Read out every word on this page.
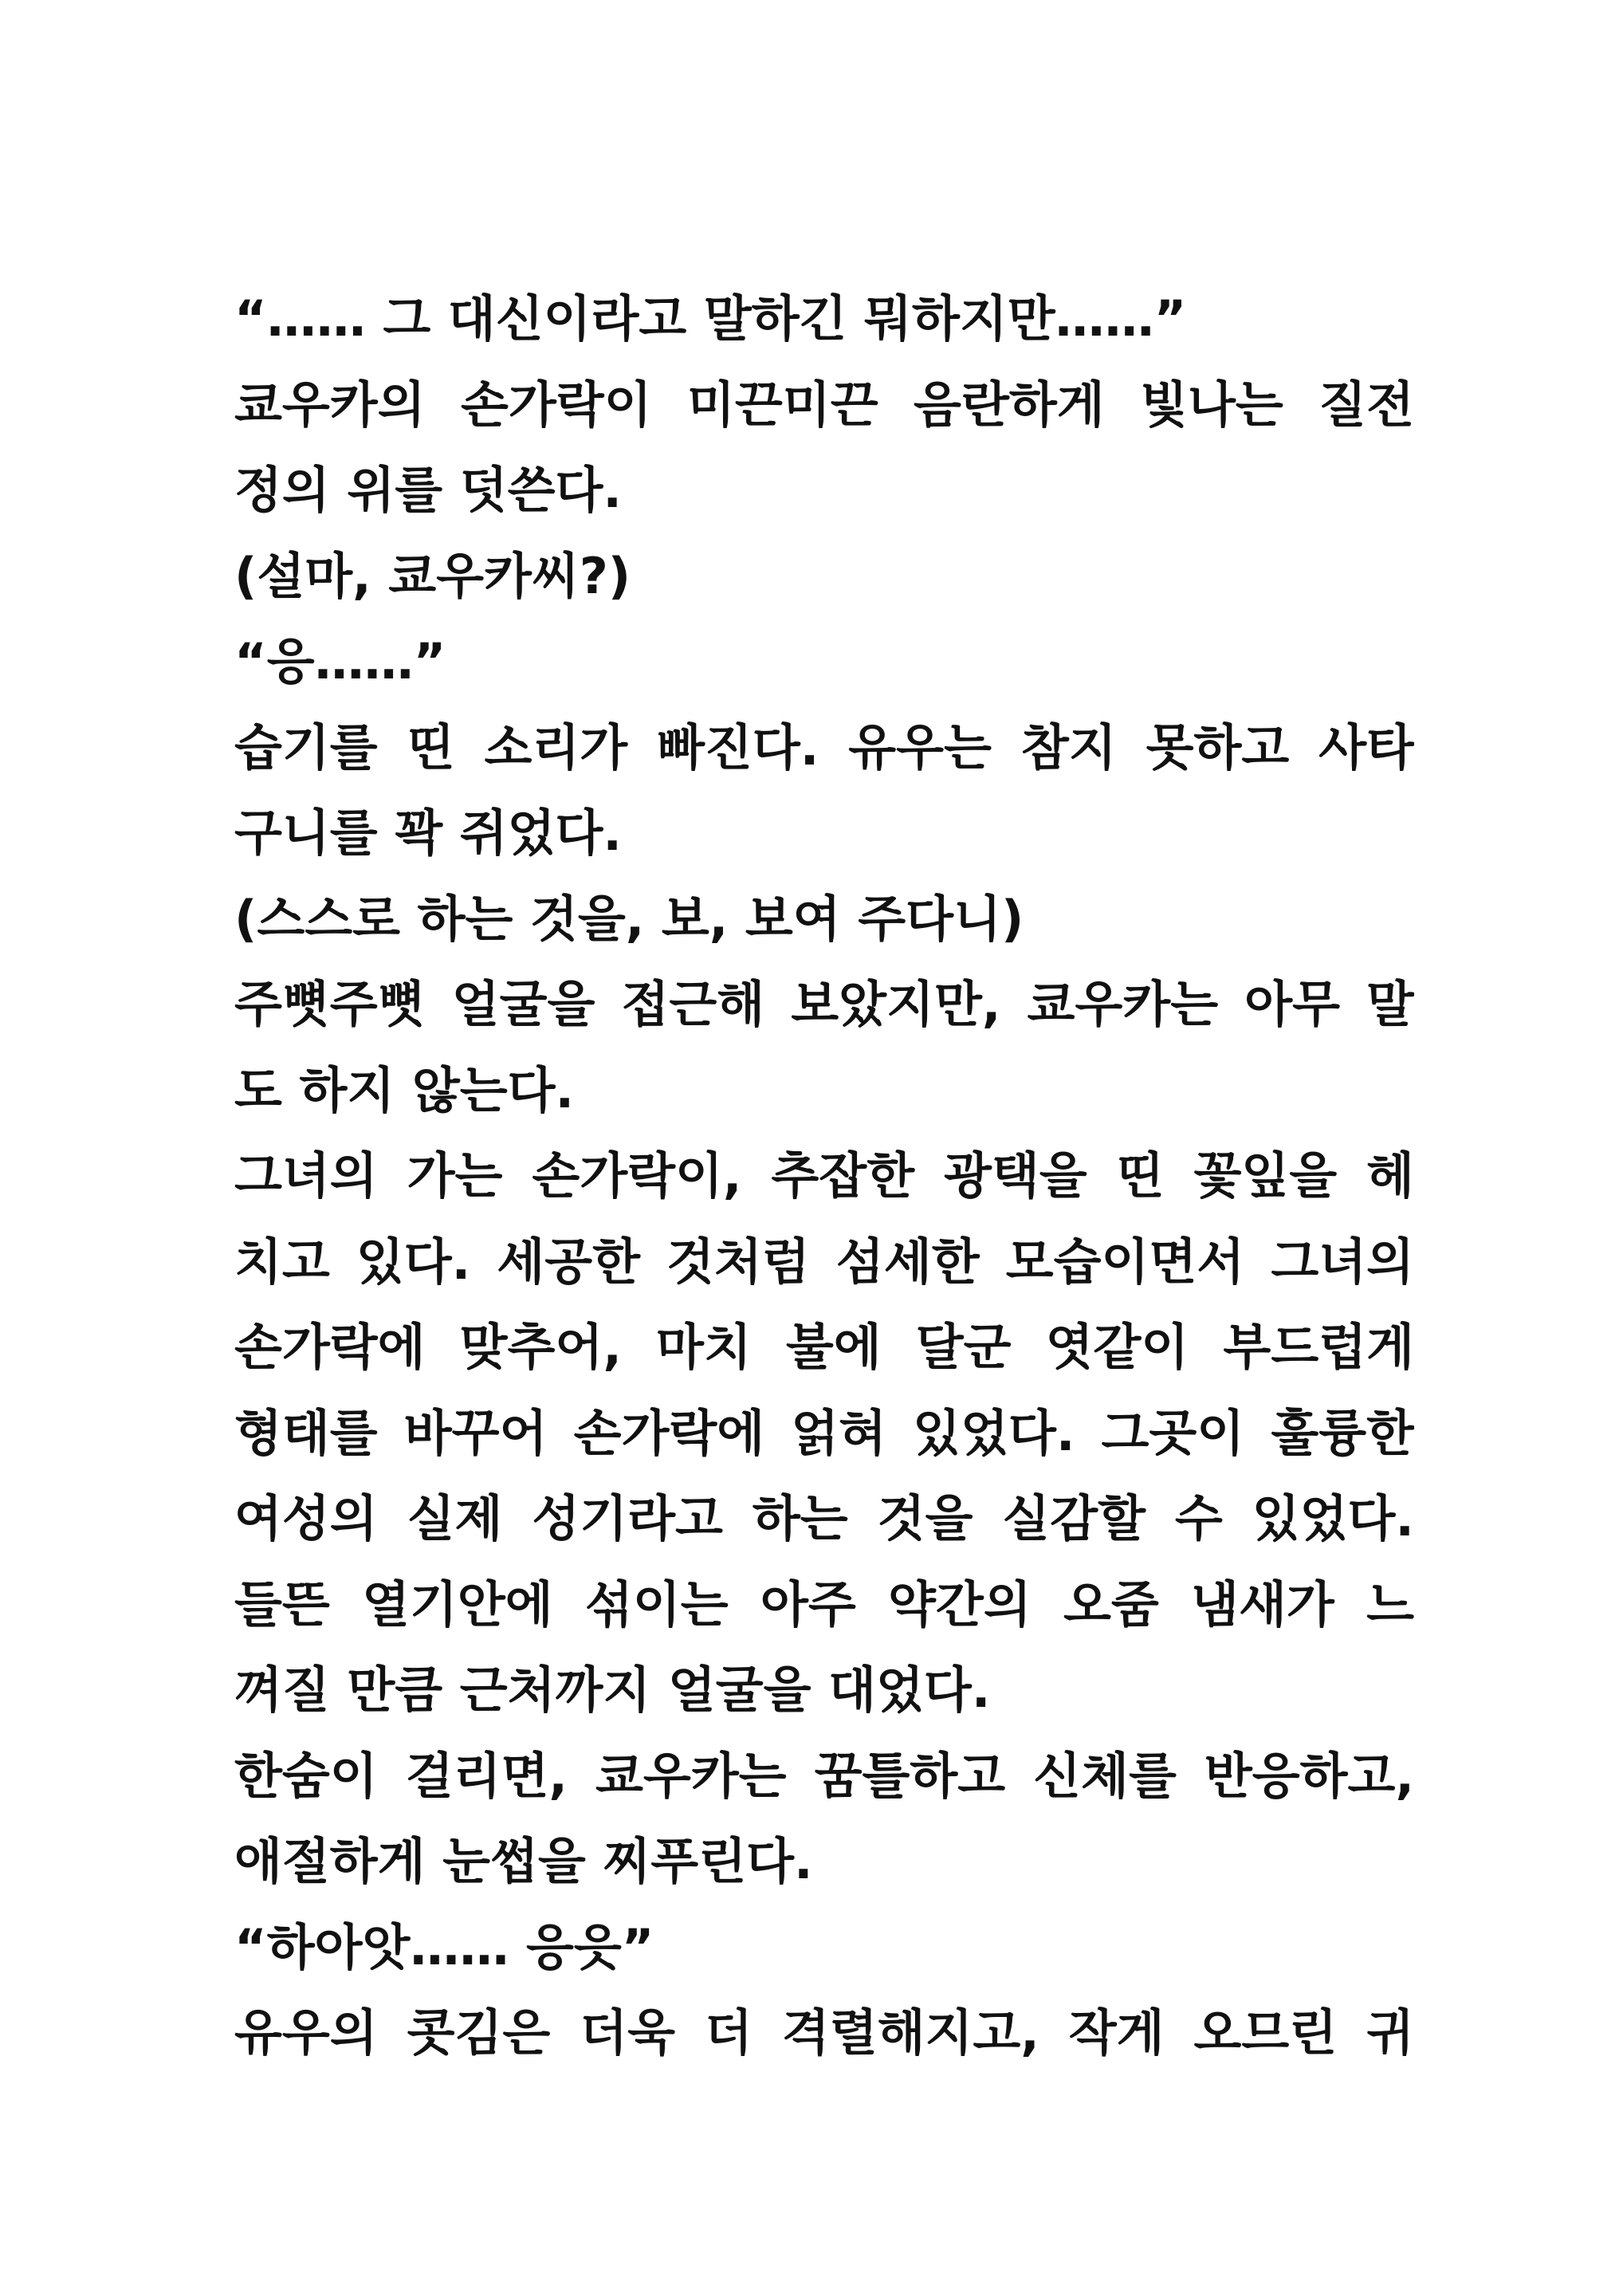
“…… 그 대신이라고 말하긴 뭐하지만……”
쿄우카의 손가락이 미끈미끈 음란하게 빛나는 질전
정의 위를 덧쓴다.
(설마, 쿄우카씨?)
“응……”
습기를 띤 소리가 빠진다. 유우는 참지 못하고 사타
구니를 꽉 쥐었다.
(스스로 하는 것을, 보, 보여 주다니)
주뼛주뼛 얼굴을 접근해 보았지만, 쿄우카는 아무 말
도 하지 않는다.
그녀의 가는 손가락이, 추잡한 광택을 띤 꽃잎을 헤
치고 있다. 세공한 것처럼 섬세한 모습이면서 그녀의
손가락에 맞추어, 마치 불에 달군 엿같이 부드럽게
형태를 바꾸어 손가락에 얽혀 있었다. 그곳이 훌륭한
여성의 실제 성기라고 하는 것을 실감할 수 있었다.
들뜬 열기안에 섞이는 아주 약간의 오줌 냄새가 느
껴질 만큼 근처까지 얼굴을 대었다.
한숨이 걸리면, 쿄우카는 꿈틀하고 신체를 반응하고,
애절하게 눈썹을 찌푸린다.
“하아앗…… 응읏”
유우의 콧김은 더욱 더 격렬해지고, 작게 오므린 귀
